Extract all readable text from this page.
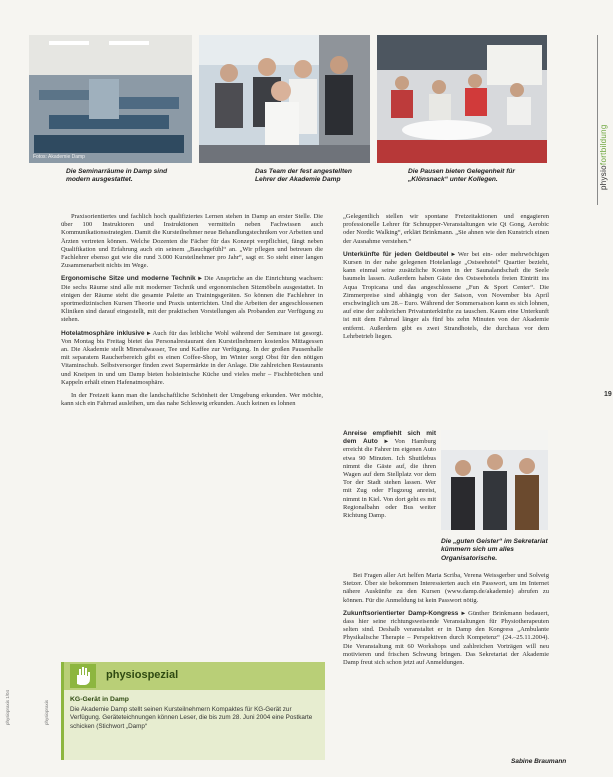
Fotos: Akademie Damp
Die Seminarräume in Damp sind modern ausgestattet.
Das Team der fest angestellten Lehrer der Akademie Damp
Die Pausen bieten Gelegenheit für „Klönsnack“ unter Kollegen.	physiofortbildung
19
physiopraxis 1/04	physiopraxis

Praxisorientiertes und fachlich hoch qualifiziertes Lernen stehen in Damp an erster Stelle. Die über 100 Instruktoren und Instruktionen vermitteln neben Fachwissen auch Kommunikationsstrategien. Damit die Kursteilnehmer neue Behandlungstechniken vor Arbeiten und Ärzten vertreten können. Welche Dozenten die Fächer für das Konzept verpflichtet, fängt neben Qualifikation und Erfahrung auch ein seinem „Bauchgefühl“ an. „Wir pflegen und betreuen die Fachlehrer ebenso gut wie die rund 3.000 Kursteilnehmer pro Jahr“, sagt er. So steht einer langen Zusammenarbeit nichts im Wege.

Ergonomische Sitze und moderne Technik ▸ Die Ansprüche an die Einrichtung wachsen: Die sechs Räume sind alle mit moderner Technik und ergonomischen Sitzmöbeln ausgestattet. In einigen der Räume steht die gesamte Palette an Trainingsgeräten. So können die Fachlehrer in sportmedizinischen Kursen Theorie und Praxis unterrichten. Und die Arbeiten der angeschlossenen Kliniken sind darauf eingestellt, mit der praktischen Vorstellungen als Probanden zur Verfügung zu stehen.

Hotelatmosphäre inklusive ▸ Auch für das leibliche Wohl während der Seminare ist gesorgt. Von Montag bis Freitag bietet das Personalrestaurant den Kursteilnehmern kostenlos Mittagessen an. Die Akademie stellt Mineralwasser, Tee und Kaffee zur Verfügung. In der großen Pausenhalle mit separatem Raucherbereich gibt es einen Coffee-Shop, im Winter sorgt Obst für den nötigen Vitaminschub. Selbstversorger finden zwei Supermärkte in der Anlage. Die zahlreichen Restaurants und Kneipen in und um Damp bieten holsteinische Küche und vieles mehr – Fischbrötchen und Kappeln erhält einen Hafenatmosphäre.

In der Freizeit kann man die landschaftliche Schönheit der Umgebung erkunden. Wer möchte, kann sich ein Fahrrad ausleihen, um das nahe Schleswig erkunden. Auch keinen es lohnen

„Gelegentlich stellen wir spontane Freizeitaktionen und engagieren professionelle Lehrer für Schnupper-Veranstaltungen wie Qi Gong, Aerobic oder Nordic Walking“, erklärt Brinkmann. „Sie ahnen wie den Kunstrich einen der Ausnahme verstehen.“

Unterkünfte für jeden Geldbeutel ▸ Wer bei ein- oder mehrwöchigen Kursen in der nahe gelegenen Hotelanlage „Ostseehotel“ Quartier bezieht, kann einmal seine zusätzliche Kosten in der Saunalandschaft die Seele baumeln lassen. Außerdem haben Gäste des Ostseehotels freien Eintritt ins Aqua Tropicana und das angeschlossene „Fun & Sport Center“. Die Zimmerpreise sind abhängig von der Saison, von November bis April erschwinglich um 28.– Euro. Während der Sommersaison kann es sich lohnen, auf eine der zahlreichen Privatunterkünfte zu tauschen. Kaum eine Unterkunft ist mit dem Fahrrad länger als fünf bis zehn Minuten von der Akademie entfernt. Außerdem gibt es zwei Strandhotels, die durchaus vor dem Lehrbetrieb liegen.

Anreise empfiehlt sich mit dem Auto ▸ Von Hamburg erreicht die Fahrer im eigenen Auto etwa 90 Minuten. Ich Shuttlebus nimmt die Gäste auf, die ihren Wagen auf dem Stellplatz vor dem Tor der Stadt stehen lassen. Wer mit Zug oder Flugzeug anreist, nimmt in Kiel. Von dort geht es mit Regionalbahn oder Bus weiter Richtung Damp.

Die „guten Geister“ im Sekretariat kümmern sich um alles Organisatorische.

Bei Fragen aller Art helfen Maria Scriba, Verena Weissgerber und Solveig Stetzer. Über sie bekommen Interessierten auch ein Passwort, um im Internet nähere Auskünfte zu den Kursen (www.damp.de/akademie) abrufen zu können. Für die Anmeldung ist kein Passwort nötig.

Zukunftsorientierter Damp-Kongress ▸ Günther Brinkmann bedauert, dass hier seine richtungsweisende Veranstaltungen für Physiotherapeuten selten sind. Deshalb veranstaltet er in Damp den Kongress „Ambulante Physikalische Therapie – Perspektiven durch Kompetenz“ (24.–25.11.2004). Die Veranstaltung mit 60 Workshops und zahlreichen Vorträgen will neu motivieren und frischen Schwung bringen. Das Sekretariat der Akademie Damp freut sich schon jetzt auf Anmeldungen.

Sabine Braumann
physiospezial
KG-Gerät in Damp
Die Akademie Damp stellt seinen Kursteilnehmern Kompaktes für KG-Gerät zur Verfügung. Geräteteichnungen können Leser, die bis zum 28. Juni 2004 eine Postkarte schicken (Stichwort „Damp“
